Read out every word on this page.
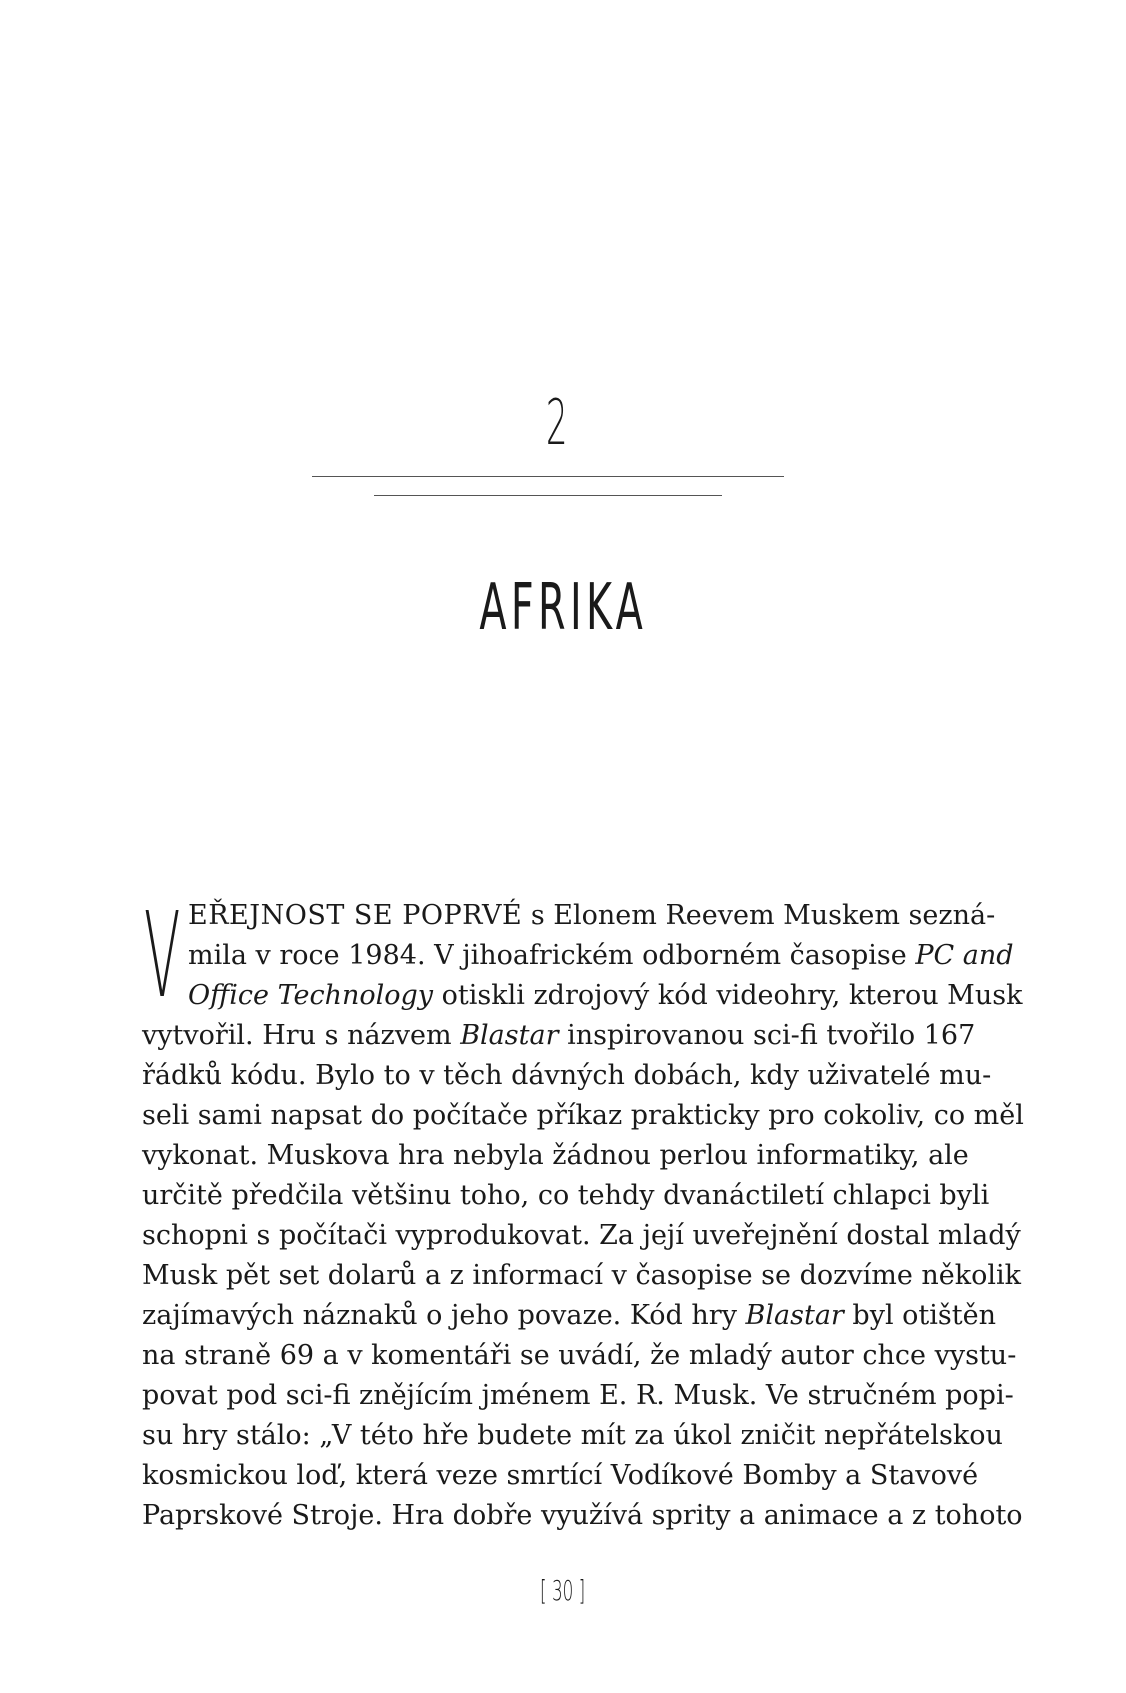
2
AFRIKA
V EŘEJNOST SE POPRVÉ s Elonem Reevem Muskem sezná-
mila v roce 1984. V jihoafrickém odborném časopise PC and
Office Technology otiskli zdrojový kód videohry, kterou Musk
vytvořil. Hru s názvem Blastar inspirovanou sci-fi tvořilo 167
řádků kódu. Bylo to v těch dávných dobách, kdy uživatelé mu-
seli sami napsat do počítače příkaz prakticky pro cokoliv, co měl
vykonat. Muskova hra nebyla žádnou perlou informatiky, ale
určitě předčila většinu toho, co tehdy dvanáctiletí chlapci byli
schopni s počítači vyprodukovat. Za její uveřejnění dostal mladý
Musk pět set dolarů a z informací v časopise se dozvíme několik
zajímavých náznaků o jeho povaze. Kód hry Blastar byl otištěn
na straně 69 a v komentáři se uvádí, že mladý autor chce vystu-
povat pod sci-fi znějícím jménem E. R. Musk. Ve stručném popi-
su hry stálo: „V této hře budete mít za úkol zničit nepřátelskou
kosmickou loď, která veze smrtící Vodíkové Bomby a Stavové
Paprskové Stroje. Hra dobře využívá sprity a animace a z tohoto
[ 30 ]
